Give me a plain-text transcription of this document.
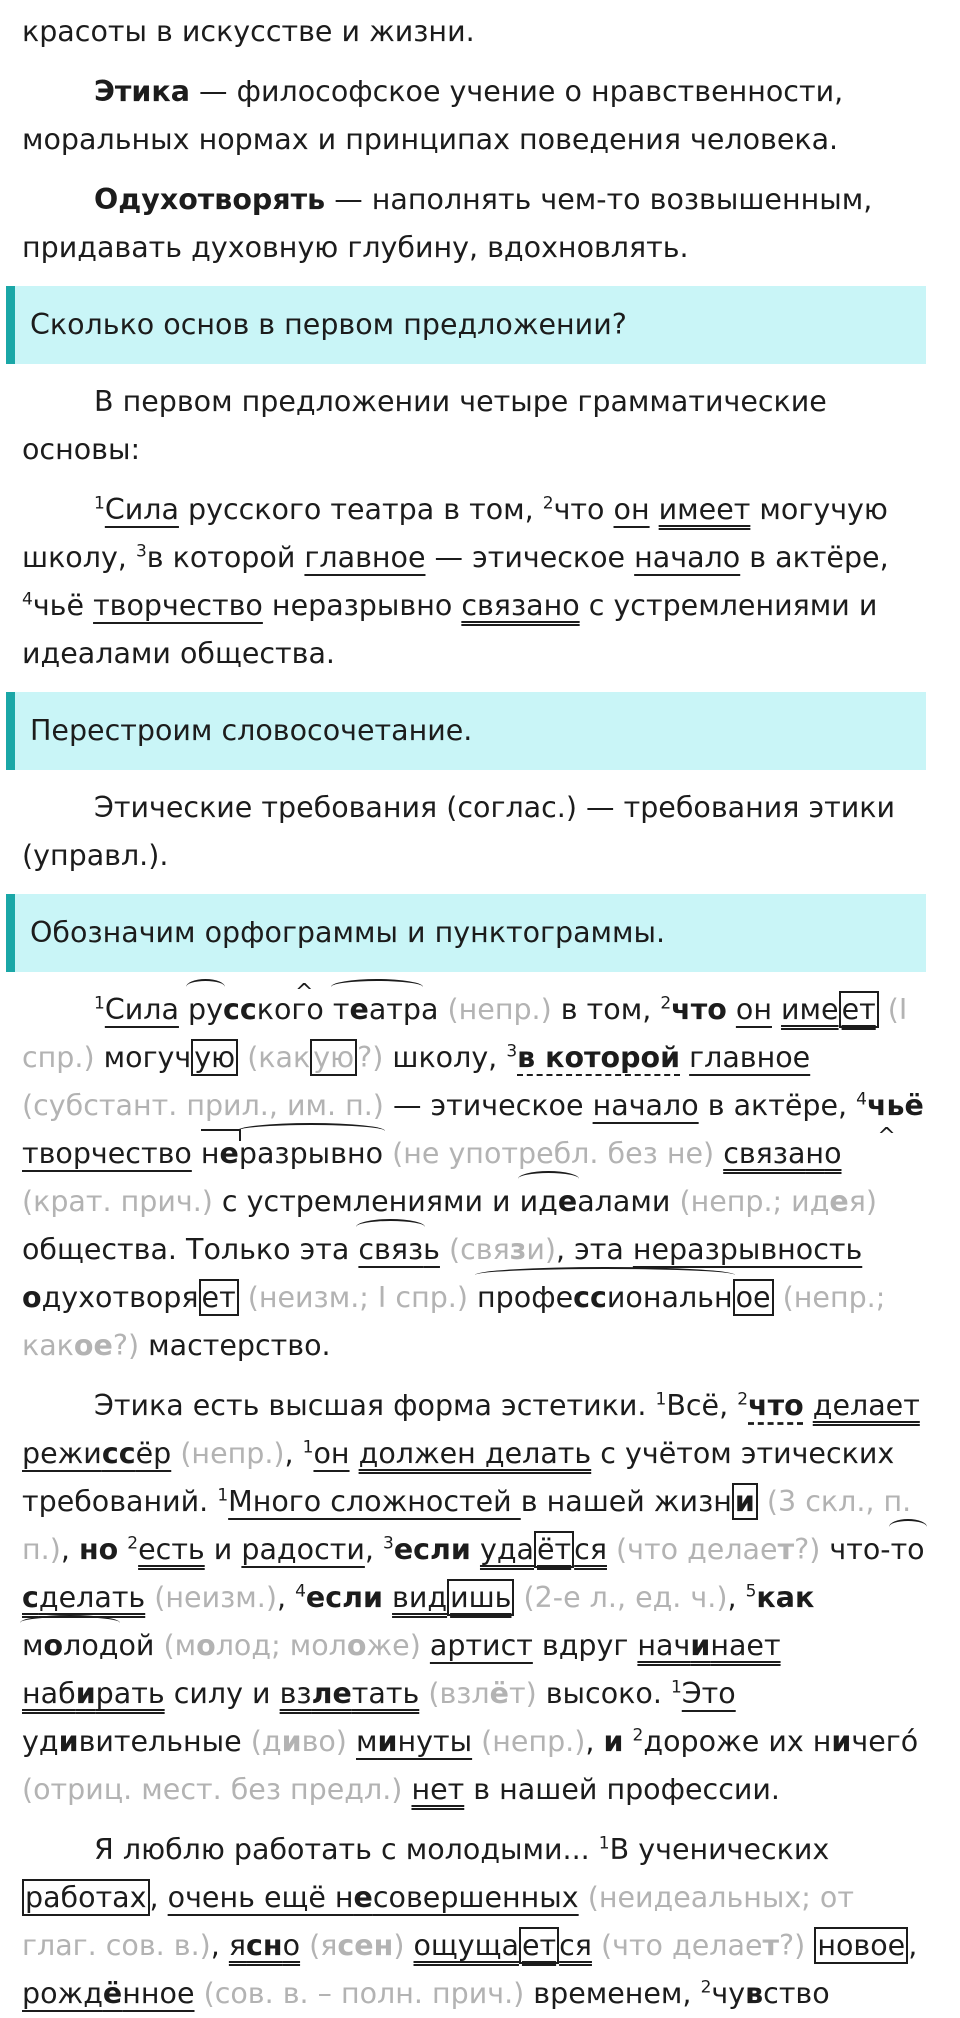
красоты в искусстве и жизни.

Этика — философское учение о нравственности, моральных нормах и принципах поведения человека.

Одухотворять — наполнять чем-то возвышенным, придавать духовную глубину, вдохновлять.

Сколько основ в первом предложении?

В первом предложении четыре грамматические основы:

$^1$Сила русского театра в том, $^2$что он имеет могучую школу, $^3$в которой главное — этическое начало в актёре, $^4$чьё творчество неразрывно связано с устремлениями и идеалами общества.

Перестроим словосочетание.

Этические требования (соглас.) — требования этики (управл.).

Обозначим орфограммы и пунктограммы.

$^1$Сила ру^ сского театра (непр.) в том, $^2$что он име ет (I спр.) могуч ую (как ую ?) школу, $^3$в которой главное (субстант. прил., им. п.) — этическое начало в актёре, $^4$чьё творчество неразрывно (не употребл. без не) связа^ но (крат. прич.) с устремлениями и идеалами (непр.; идея) общества. Только эта связь (связи), эта неразрывность одухотворя ет (неизм.; I спр.) профессиональн ое (непр.; какое?) мастерство.

Этика есть высшая форма эстетики. $^1$Всё, $^2$что делает режиссёр (непр.), $^1$он должен делать с учётом этических требований. $^1$Много сложностей в нашей жизн и (3 скл., п. п.), но $^2$есть и радости, $^3$если уда ёт ся (что делает?) что-то сделать (неизм.), $^4$если вид ишь (2-е л., ед. ч.), $^5$как молодой (молод; моложе) артист вдруг начинает набирать силу и взлетать (взлёт) высоко. $^1$Это удивительные (диво) минуты (непр.), и $^2$дороже их ничегó (отриц. мест. без предл.) нет в нашей профессии.

Я люблю работать с молодыми... $^1$В ученических работах , очень ещё несовершенных (неидеальных; от глаг. сов. в.), ясно (ясен) ощуща ет ся (что делает?) новое , рождённое (сов. в. – полн. прич.) временем, $^2$чувство
